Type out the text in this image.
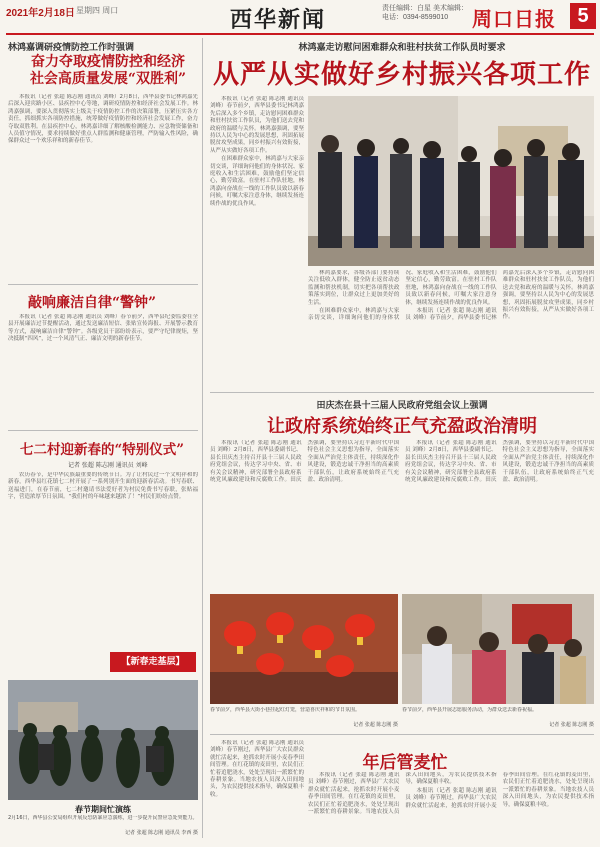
2021年2月18日 星期四 周口	西华新闻	责任编辑：白星 美术编辑：
电话：0394-8599010	周口日报	5
林鸿嘉调研疫情防控工作时强调
奋力夺取疫情防控和经济
社会高质量发展“双胜利”

本报讯（记者 张超 陈志刚 通讯员 刘峰）2月8日，西华县委书记林鸿嘉先后深入迎宾路小区、县疾控中心等地，调研疫情防控和经济社会发展工作。林鸿嘉强调，要深入贯彻落实上级关于疫情防控工作的决策部署，压紧压实各方责任，抓细抓实各项防控措施，统筹做好疫情防控和经济社会发展工作，奋力夺取双胜利。在县疾控中心，林鸿嘉详细了解核酸检测能力、应急物资储备和人员值守情况，要求持续做好重点人群监测和健康管理，严防输入性风险，确保群众过一个欢乐祥和的新春佳节。

敲响廉洁自律“警钟”

本报讯（记者 张超 陈志刚 通讯员 刘峰）春节前夕，西华县纪委监委在全县开展廉洁过节提醒活动，通过发送廉洁短信、张贴宣传海报、开展警示教育等方式，敲响廉洁自律“警钟”。各级党员干部纷纷表示，要严守纪律规矩，坚决抵制“四风”，过一个风清气正、廉洁文明的新春佳节。

七二村迎新春的“特别仪式”
记者 张超 陈志刚 通讯员 刘峰

农历春节，是中华民族最重要的传统节日。为了让村民过一个文明祥和的新春，西华县红花镇七二村开展了一系列别开生面的迎新春活动。书写春联、送福进门，在春节前，七二村邀请书法爱好者为村民免费书写春联，张贴福字，营造浓厚节日氛围。“我们村的年味越来越浓了！”村民们纷纷点赞。

【新春走基层】
春节期间忙演练
2月16日，西华县公安局组织开展反恐防暴应急演练，进一步提升民警应急处突能力。
记者 张超 陈志刚 通讯员 李西 摄
林鸿嘉走访慰问困难群众和驻村扶贫工作队员时要求
从严从实做好乡村振兴各项工作

本报讯（记者 张超 陈志刚 通讯员 刘峰）春节前夕，西华县委书记林鸿嘉先后深入多个乡镇，走访慰问困难群众和驻村扶贫工作队员，为他们送去党和政府的温暖与关怀。林鸿嘉强调，要坚持以人民为中心的发展思想，巩固拓展脱贫攻坚成果，同乡村振兴有效衔接，从严从实做好各项工作。

在困难群众家中，林鸿嘉与大家亲切交谈，详细询问他们的身体状况、家庭收入和生活困难，鼓励他们坚定信心，勤劳致富。在驻村工作队驻地，林鸿嘉向奋战在一线的工作队员致以新春问候，叮嘱大家注意身体，继续发扬连续作战的优良作风。

林鸿嘉要求，各级各部门要持续关注低收入群体，健全防止返贫动态监测和帮扶机制，切实把各项帮扶政策落实到位，让群众过上更加美好的生活。

在困难群众家中，林鸿嘉与大家亲切交谈，详细询问他们的身体状况、家庭收入和生活困难，鼓励他们坚定信心，勤劳致富。在驻村工作队驻地，林鸿嘉向奋战在一线的工作队员致以新春问候，叮嘱大家注意身体，继续发扬连续作战的优良作风。

本报讯（记者 张超 陈志刚 通讯员 刘峰）春节前夕，西华县委书记林鸿嘉先后深入多个乡镇，走访慰问困难群众和驻村扶贫工作队员，为他们送去党和政府的温暖与关怀。林鸿嘉强调，要坚持以人民为中心的发展思想，巩固拓展脱贫攻坚成果，同乡村振兴有效衔接，从严从实做好各项工作。

田庆杰在县十三届人民政府党组会议上强调
让政府系统始终正气充盈政治清明

本报讯（记者 张超 陈志刚 通讯员 刘峰）2月8日，西华县委副书记、县长田庆杰主持召开县十三届人民政府党组会议，传达学习中央、省、市有关会议精神，研究部署全县政府系统党风廉政建设和反腐败工作。田庆杰强调，要坚持以习近平新时代中国特色社会主义思想为指导，全面落实全面从严治党主体责任，持续深化作风建设，锻造忠诚干净担当的高素质干部队伍，让政府系统始终正气充盈、政治清明。

本报讯（记者 张超 陈志刚 通讯员 刘峰）2月8日，西华县委副书记、县长田庆杰主持召开县十三届人民政府党组会议，传达学习中央、省、市有关会议精神，研究部署全县政府系统党风廉政建设和反腐败工作。田庆杰强调，要坚持以习近平新时代中国特色社会主义思想为指导，全面落实全面从严治党主体责任，持续深化作风建设，锻造忠诚干净担当的高素质干部队伍，让政府系统始终正气充盈、政治清明。

春节前夕，西华县大街小巷挂起红灯笼，营造喜庆祥和的节日氛围。
记者 张超 陈志刚 摄
春节前夕，西华县开展志愿服务活动，为群众送去新春祝福。
记者 张超 陈志刚 摄

本报讯（记者 张超 陈志刚 通讯员 刘峰）春节刚过，西华县广大农民群众就忙活起来，抢抓农时开展小麦春季田间管理。在红花镇的麦田里，农民们正忙着追肥浇水，处处呈现出一派繁忙的春耕景象。当地农技人员深入田间地头，为农民提供技术指导，确保夏粮丰收。

年后管麦忙

本报讯（记者 张超 陈志刚 通讯员 刘峰）春节刚过，西华县广大农民群众就忙活起来，抢抓农时开展小麦春季田间管理。在红花镇的麦田里，农民们正忙着追肥浇水，处处呈现出一派繁忙的春耕景象。当地农技人员深入田间地头，为农民提供技术指导，确保夏粮丰收。

本报讯（记者 张超 陈志刚 通讯员 刘峰）春节刚过，西华县广大农民群众就忙活起来，抢抓农时开展小麦春季田间管理。在红花镇的麦田里，农民们正忙着追肥浇水，处处呈现出一派繁忙的春耕景象。当地农技人员深入田间地头，为农民提供技术指导，确保夏粮丰收。
